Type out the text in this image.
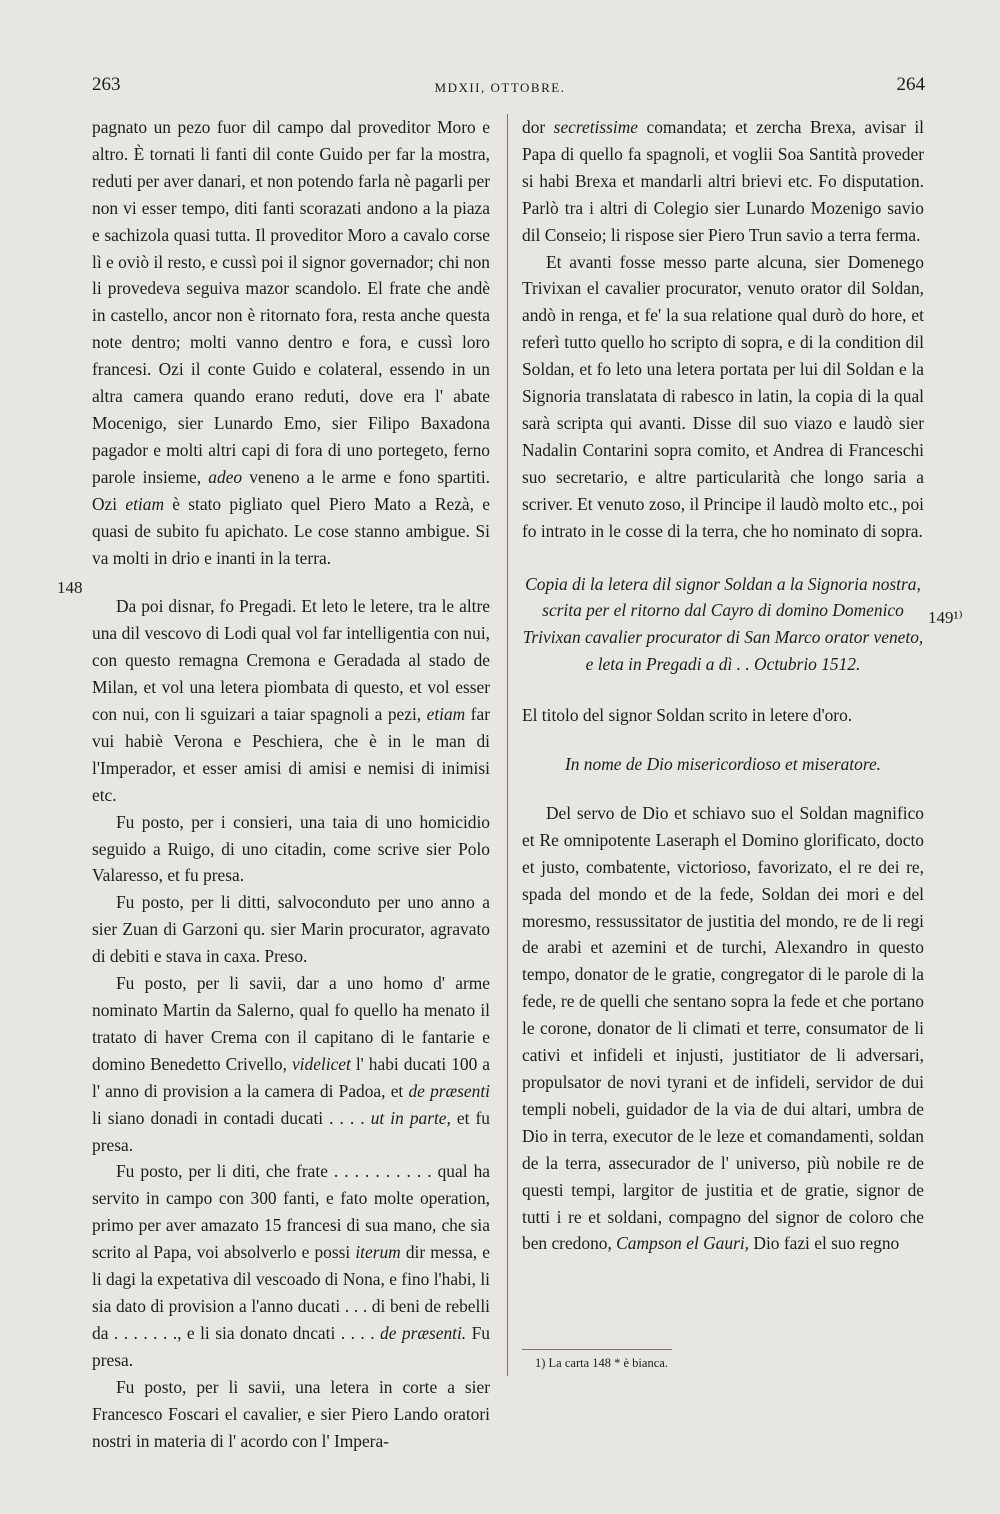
263	MDXII, OTTOBRE.	264
148
149¹⁾

pagnato un pezo fuor dil campo dal proveditor Moro e altro. È tornati li fanti dil conte Guido per far la mostra, reduti per aver danari, et non potendo farla nè pagarli per non vi esser tempo, diti fanti scorazati andono a la piaza e sachizola quasi tutta. Il proveditor Moro a cavalo corse lì e oviò il resto, e cussì poi il signor governador; chi non li provedeva seguiva mazor scandolo. El frate che andè in castello, ancor non è ritornato fora, resta anche questa note dentro; molti vanno dentro e fora, e cussì loro francesi. Ozi il conte Guido e colateral, essendo in un altra camera quando erano reduti, dove era l' abate Mocenigo, sier Lunardo Emo, sier Filipo Baxadona pagador e molti altri capi di fora di uno portegeto, ferno parole insieme, adeo veneno a le arme e fono spartiti. Ozi etiam è stato pigliato quel Piero Mato a Rezà, e quasi de subito fu apichato. Le cose stanno ambigue. Si va molti in drio e inanti in la terra.

Da poi disnar, fo Pregadi. Et leto le letere, tra le altre una dil vescovo di Lodi qual vol far intelligentia con nui, con questo remagna Cremona e Geradada al stado de Milan, et vol una letera piombata di questo, et vol esser con nui, con li sguizari a taiar spagnoli a pezi, etiam far vui habiè Verona e Peschiera, che è in le man di l'Imperador, et esser amisi di amisi e nemisi di inimisi etc.

Fu posto, per i consieri, una taia di uno homicidio seguido a Ruigo, di uno citadin, come scrive sier Polo Valaresso, et fu presa.

Fu posto, per li ditti, salvoconduto per uno anno a sier Zuan di Garzoni qu. sier Marin procurator, agravato di debiti e stava in caxa. Preso.

Fu posto, per li savii, dar a uno homo d' arme nominato Martin da Salerno, qual fo quello ha menato il tratato di haver Crema con il capitano di le fantarie e domino Benedetto Crivello, videlicet l' habi ducati 100 a l' anno di provision a la camera di Padoa, et de præsenti li siano donadi in contadi ducati . . . . ut in parte, et fu presa.

Fu posto, per li diti, che frate . . . . . . . . . . qual ha servito in campo con 300 fanti, e fato molte operation, primo per aver amazato 15 francesi di sua mano, che sia scrito al Papa, voi absolverlo e possi iterum dir messa, e li dagi la expetativa dil vescoado di Nona, e fino l'habi, li sia dato di provision a l'anno ducati . . . di beni de rebelli da . . . . . . ., e li sia donato dncati . . . . de præsenti. Fu presa.

Fu posto, per li savii, una letera in corte a sier Francesco Foscari el cavalier, e sier Piero Lando oratori nostri in materia di l' acordo con l' Impera-

dor secretissime comandata; et zercha Brexa, avisar il Papa di quello fa spagnoli, et voglii Soa Santità proveder si habi Brexa et mandarli altri brievi etc. Fo disputation. Parlò tra i altri di Colegio sier Lunardo Mozenigo savio dil Conseio; li rispose sier Piero Trun savio a terra ferma.

Et avanti fosse messo parte alcuna, sier Domenego Trivixan el cavalier procurator, venuto orator dil Soldan, andò in renga, et fe' la sua relatione qual durò do hore, et referì tutto quello ho scripto di sopra, e di la condition dil Soldan, et fo leto una letera portata per lui dil Soldan e la Signoria translatata di rabesco in latin, la copia di la qual sarà scripta qui avanti. Disse dil suo viazo e laudò sier Nadalin Contarini sopra comito, et Andrea di Franceschi suo secretario, e altre particularità che longo saria a scriver. Et venuto zoso, il Principe il laudò molto etc., poi fo intrato in le cosse di la terra, che ho nominato di sopra.

Copia di la letera dil signor Soldan a la Signoria nostra, scrita per el ritorno dal Cayro di domino Domenico Trivixan cavalier procurator di San Marco orator veneto, e leta in Pregadi a dì . . Octubrio 1512.

El titolo del signor Soldan scrito in letere d'oro.

In nome de Dio misericordioso et miseratore.

Del servo de Dio et schiavo suo el Soldan magnifico et Re omnipotente Laseraph el Domino glorificato, docto et justo, combatente, victorioso, favorizato, el re dei re, spada del mondo et de la fede, Soldan dei mori e del moresmo, ressussitator de justitia del mondo, re de li regi de arabi et azemini et de turchi, Alexandro in questo tempo, donator de le gratie, congregator di le parole di la fede, re de quelli che sentano sopra la fede et che portano le corone, donator de li climati et terre, consumator de li cativi et infideli et injusti, justitiator de li adversari, propulsator de novi tyrani et de infideli, servidor de dui templi nobeli, guidador de la via de dui altari, umbra de Dio in terra, executor de le leze et comandamenti, soldan de la terra, assecurador de l' universo, più nobile re de questi tempi, largitor de justitia et de gratie, signor de tutti i re et soldani, compagno del signor de coloro che ben credono, Campson el Gauri, Dio fazi el suo regno

1) La carta 148 * è bianca.
